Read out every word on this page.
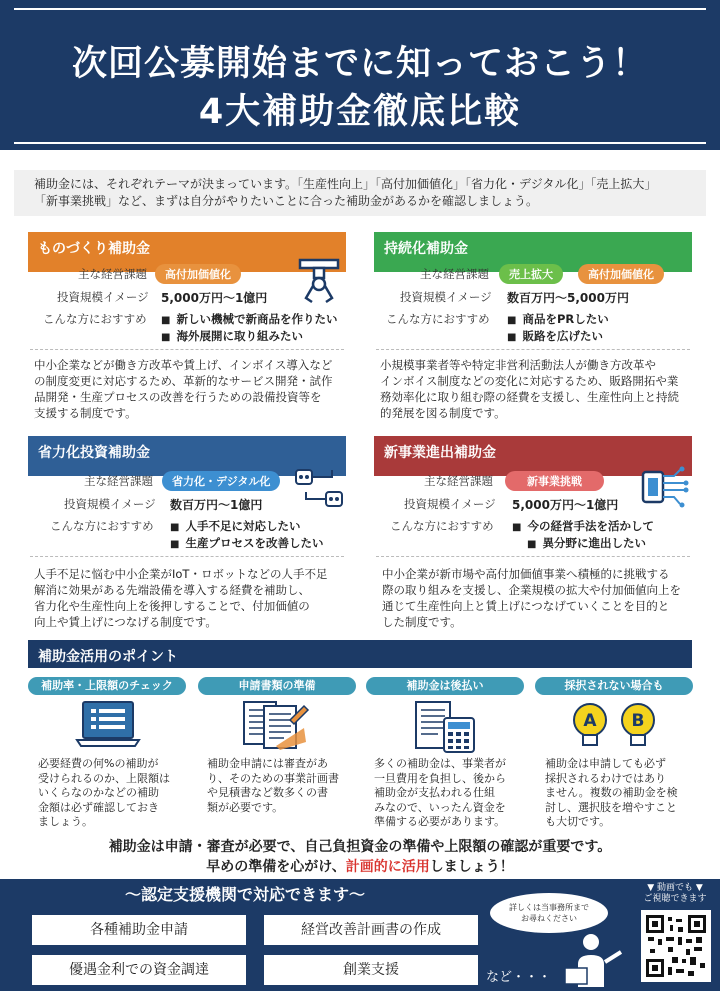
次回公募開始までに知っておこう！
4大補助金徹底比較
補助金には、それぞれテーマが決まっています。「生産性向上」「高付加価値化」「省力化・デジタル化」「売上拡大」
「新事業挑戦」など、まずは自分がやりたいことに合った補助金があるかを確認しましょう。
ものづくり補助金
主な経営課題	高付加価値化
投資規模イメージ 5,000万円～1億円
こんな方におすすめ	■ 新しい機械で新商品を作りたい
■ 海外展開に取り組みたい
中小企業などが働き方改革や賃上げ、インボイス導入など
の制度変更に対応するため、革新的なサービス開発・試作
品開発・生産プロセスの改善を行うための設備投資等を
支援する制度です。
持続化補助金
主な経営課題	売上拡大	高付加価値化
投資規模イメージ 数百万円～5,000万円
こんな方におすすめ	■ 商品をPRしたい
■ 販路を広げたい
小規模事業者等や特定非営利活動法人が働き方改革や
インボイス制度などの変化に対応するため、販路開拓や業
務効率化に取り組む際の経費を支援し、生産性向上と持続
的発展を図る制度です。
省力化投資補助金
主な経営課題	省力化・デジタル化
投資規模イメージ 数百万円～1億円
こんな方におすすめ	■ 人手不足に対応したい
■ 生産プロセスを改善したい
人手不足に悩む中小企業がIoT・ロボットなどの人手不足
解消に効果がある先端設備を導入する経費を補助し、
省力化や生産性向上を後押しすることで、付加価値の
向上や賃上げにつなげる制度です。
新事業進出補助金
主な経営課題	新事業挑戦
投資規模イメージ 5,000万円～1億円
こんな方におすすめ	■ 今の経営手法を活かして
■ 異分野に進出したい
中小企業が新市場や高付加価値事業へ積極的に挑戦する
際の取り組みを支援し、企業規模の拡大や付加価値向上を
通じて生産性向上と賃上げにつなげていくことを目的と
した制度です。
補助金活用のポイント
補助率・上限額のチェック	申請書類の準備	補助金は後払い	採択されない場合も
A B
必要経費の何%の補助が
受けられるのか、上限額は
いくらなのかなどの補助
金額は必ず確認しておき
ましょう。
補助金申請には審査があ
り、そのための事業計画書
や見積書など数多くの書
類が必要です。
多くの補助金は、事業者が
一旦費用を負担し、後から
補助金が支払われる仕組
みなので、いったん資金を
準備する必要があります。
補助金は申請しても必ず
採択されるわけではあり
ません。複数の補助金を検
討し、選択肢を増やすこと
も大切です。
補助金は申請・審査が必要で、自己負担資金の準備や上限額の確認が重要です。
早めの準備を心がけ、計画的に活用しましょう！
～認定支援機関で対応できます～
各種補助金申請	経営改善計画書の作成
優遇金利での資金調達	創業支援	など・・・
詳しくは当事務所まで
お尋ねください
▼ 動画でも ▼
ご視聴できます
